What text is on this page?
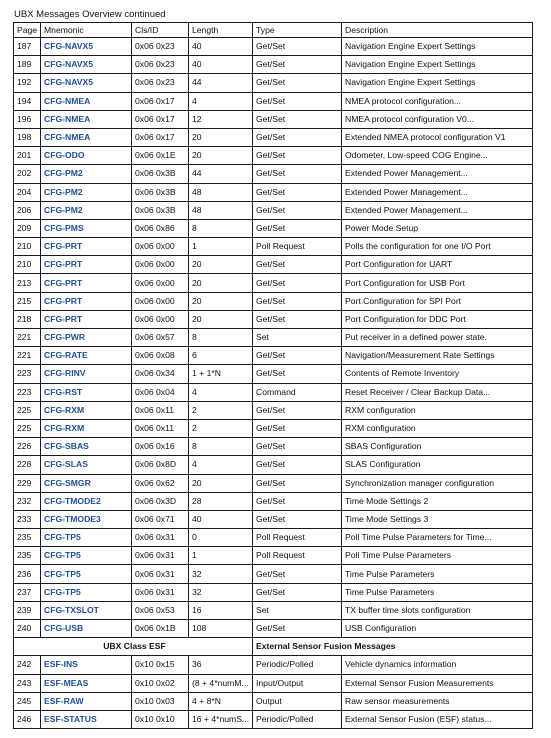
UBX Messages Overview continued
Page	Mnemonic	Cls/ID	Length	Type	Description
187	CFG-NAVX5	0x06 0x23	40	Get/Set	Navigation Engine Expert Settings
189	CFG-NAVX5	0x06 0x23	40	Get/Set	Navigation Engine Expert Settings
192	CFG-NAVX5	0x06 0x23	44	Get/Set	Navigation Engine Expert Settings
194	CFG-NMEA	0x06 0x17	4	Get/Set	NMEA protocol configuration...
196	CFG-NMEA	0x06 0x17	12	Get/Set	NMEA protocol configuration V0...
198	CFG-NMEA	0x06 0x17	20	Get/Set	Extended NMEA protocol configuration V1
201	CFG-ODO	0x06 0x1E	20	Get/Set	Odometer, Low-speed COG Engine...
202	CFG-PM2	0x06 0x3B	44	Get/Set	Extended Power Management...
204	CFG-PM2	0x06 0x3B	48	Get/Set	Extended Power Management...
206	CFG-PM2	0x06 0x3B	48	Get/Set	Extended Power Management...
209	CFG-PMS	0x06 0x86	8	Get/Set	Power Mode Setup
210	CFG-PRT	0x06 0x00	1	Poll Request	Polls the configuration for one I/O Port
210	CFG-PRT	0x06 0x00	20	Get/Set	Port Configuration for UART
213	CFG-PRT	0x06 0x00	20	Get/Set	Port Configuration for USB Port
215	CFG-PRT	0x06 0x00	20	Get/Set	Port Configuration for SPI Port
218	CFG-PRT	0x06 0x00	20	Get/Set	Port Configuration for DDC Port
221	CFG-PWR	0x06 0x57	8	Set	Put receiver in a defined power state.
221	CFG-RATE	0x06 0x08	6	Get/Set	Navigation/Measurement Rate Settings
223	CFG-RINV	0x06 0x34	1 + 1*N	Get/Set	Contents of Remote Inventory
223	CFG-RST	0x06 0x04	4	Command	Reset Receiver / Clear Backup Data...
225	CFG-RXM	0x06 0x11	2	Get/Set	RXM configuration
225	CFG-RXM	0x06 0x11	2	Get/Set	RXM configuration
226	CFG-SBAS	0x06 0x16	8	Get/Set	SBAS Configuration
228	CFG-SLAS	0x06 0x8D	4	Get/Set	SLAS Configuration
229	CFG-SMGR	0x06 0x62	20	Get/Set	Synchronization manager configuration
232	CFG-TMODE2	0x06 0x3D	28	Get/Set	Time Mode Settings 2
233	CFG-TMODE3	0x06 0x71	40	Get/Set	Time Mode Settings 3
235	CFG-TP5	0x06 0x31	0	Poll Request	Poll Time Pulse Parameters for Time...
235	CFG-TP5	0x06 0x31	1	Poll Request	Poll Time Pulse Parameters
236	CFG-TP5	0x06 0x31	32	Get/Set	Time Pulse Parameters
237	CFG-TP5	0x06 0x31	32	Get/Set	Time Pulse Parameters
239	CFG-TXSLOT	0x06 0x53	16	Set	TX buffer time slots configuration
240	CFG-USB	0x06 0x1B	108	Get/Set	USB Configuration
UBX Class ESF				External Sensor Fusion Messages	
242	ESF-INS	0x10 0x15	36	Periodic/Polled	Vehicle dynamics information
243	ESF-MEAS	0x10 0x02	(8 + 4*numM...	Input/Output	External Sensor Fusion Measurements
245	ESF-RAW	0x10 0x03	4 + 8*N	Output	Raw sensor measurements
246	ESF-STATUS	0x10 0x10	16 + 4*numS...	Periodic/Polled	External Sensor Fusion (ESF) status...
